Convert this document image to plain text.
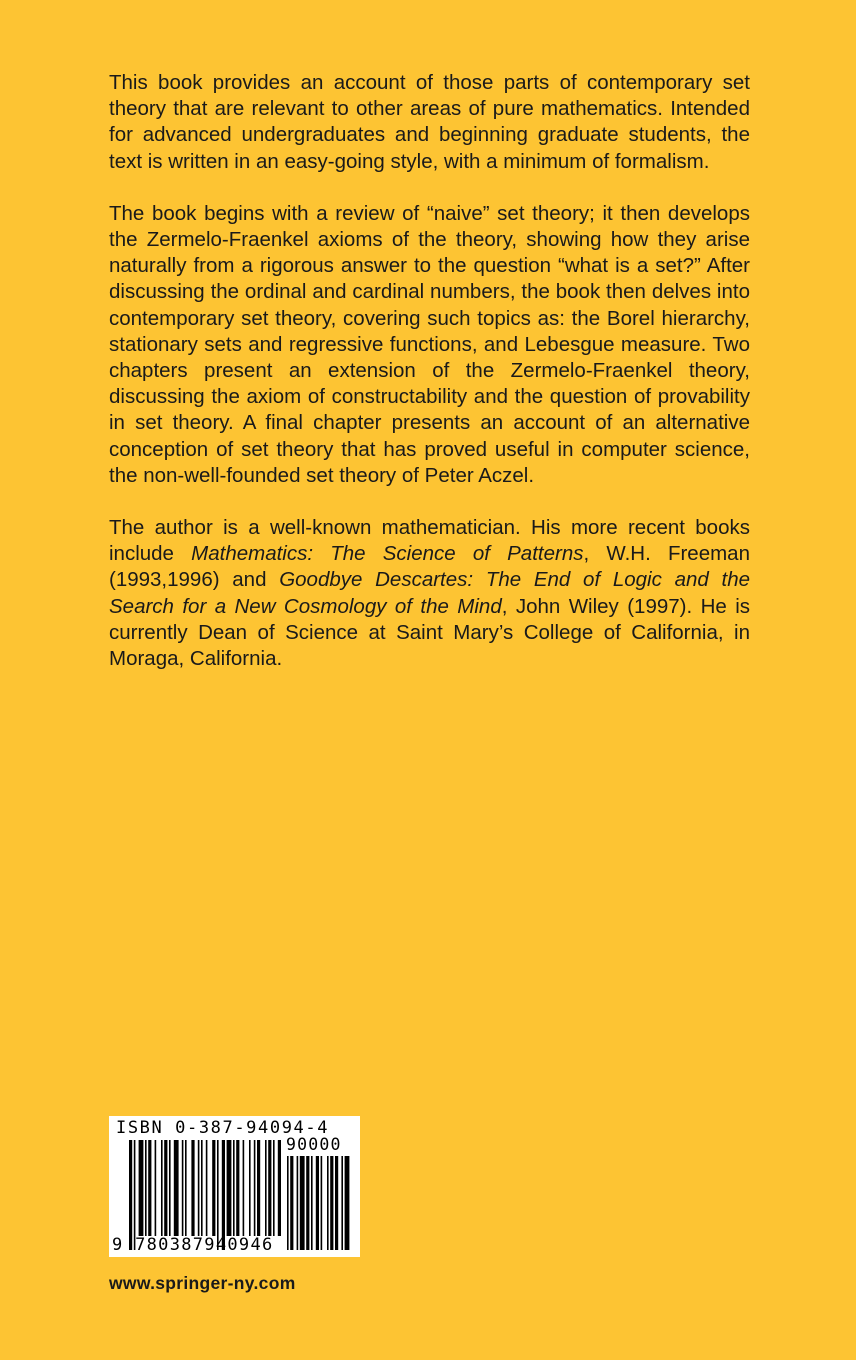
This book provides an account of those parts of contemporary set theory that are relevant to other areas of pure mathematics. Intended for advanced undergraduates and beginning graduate students, the text is written in an easy-going style, with a minimum of formalism.

The book begins with a review of “naive” set theory; it then develops the Zermelo-Fraenkel axioms of the theory, showing how they arise naturally from a rigorous answer to the question “what is a set?” After discussing the ordinal and cardinal numbers, the book then delves into contemporary set theory, covering such topics as: the Borel hierarchy, stationary sets and regressive functions, and Lebesgue measure. Two chapters present an extension of the Zermelo-Fraenkel theory, discussing the axiom of constructability and the question of provability in set theory. A final chapter presents an account of an alternative conception of set theory that has proved useful in computer science, the non-well-founded set theory of Peter Aczel.

The author is a well-known mathematician. His more recent books include Mathematics: The Science of Patterns, W.H. Freeman (1993,1996) and Goodbye Descartes: The End of Logic and the Search for a New Cosmology of the Mind, John Wiley (1997). He is currently Dean of Science at Saint Mary’s College of California, in Moraga, California.

ISBN 0-387-94094-4
90000
9 780387940946
www.springer-ny.com
